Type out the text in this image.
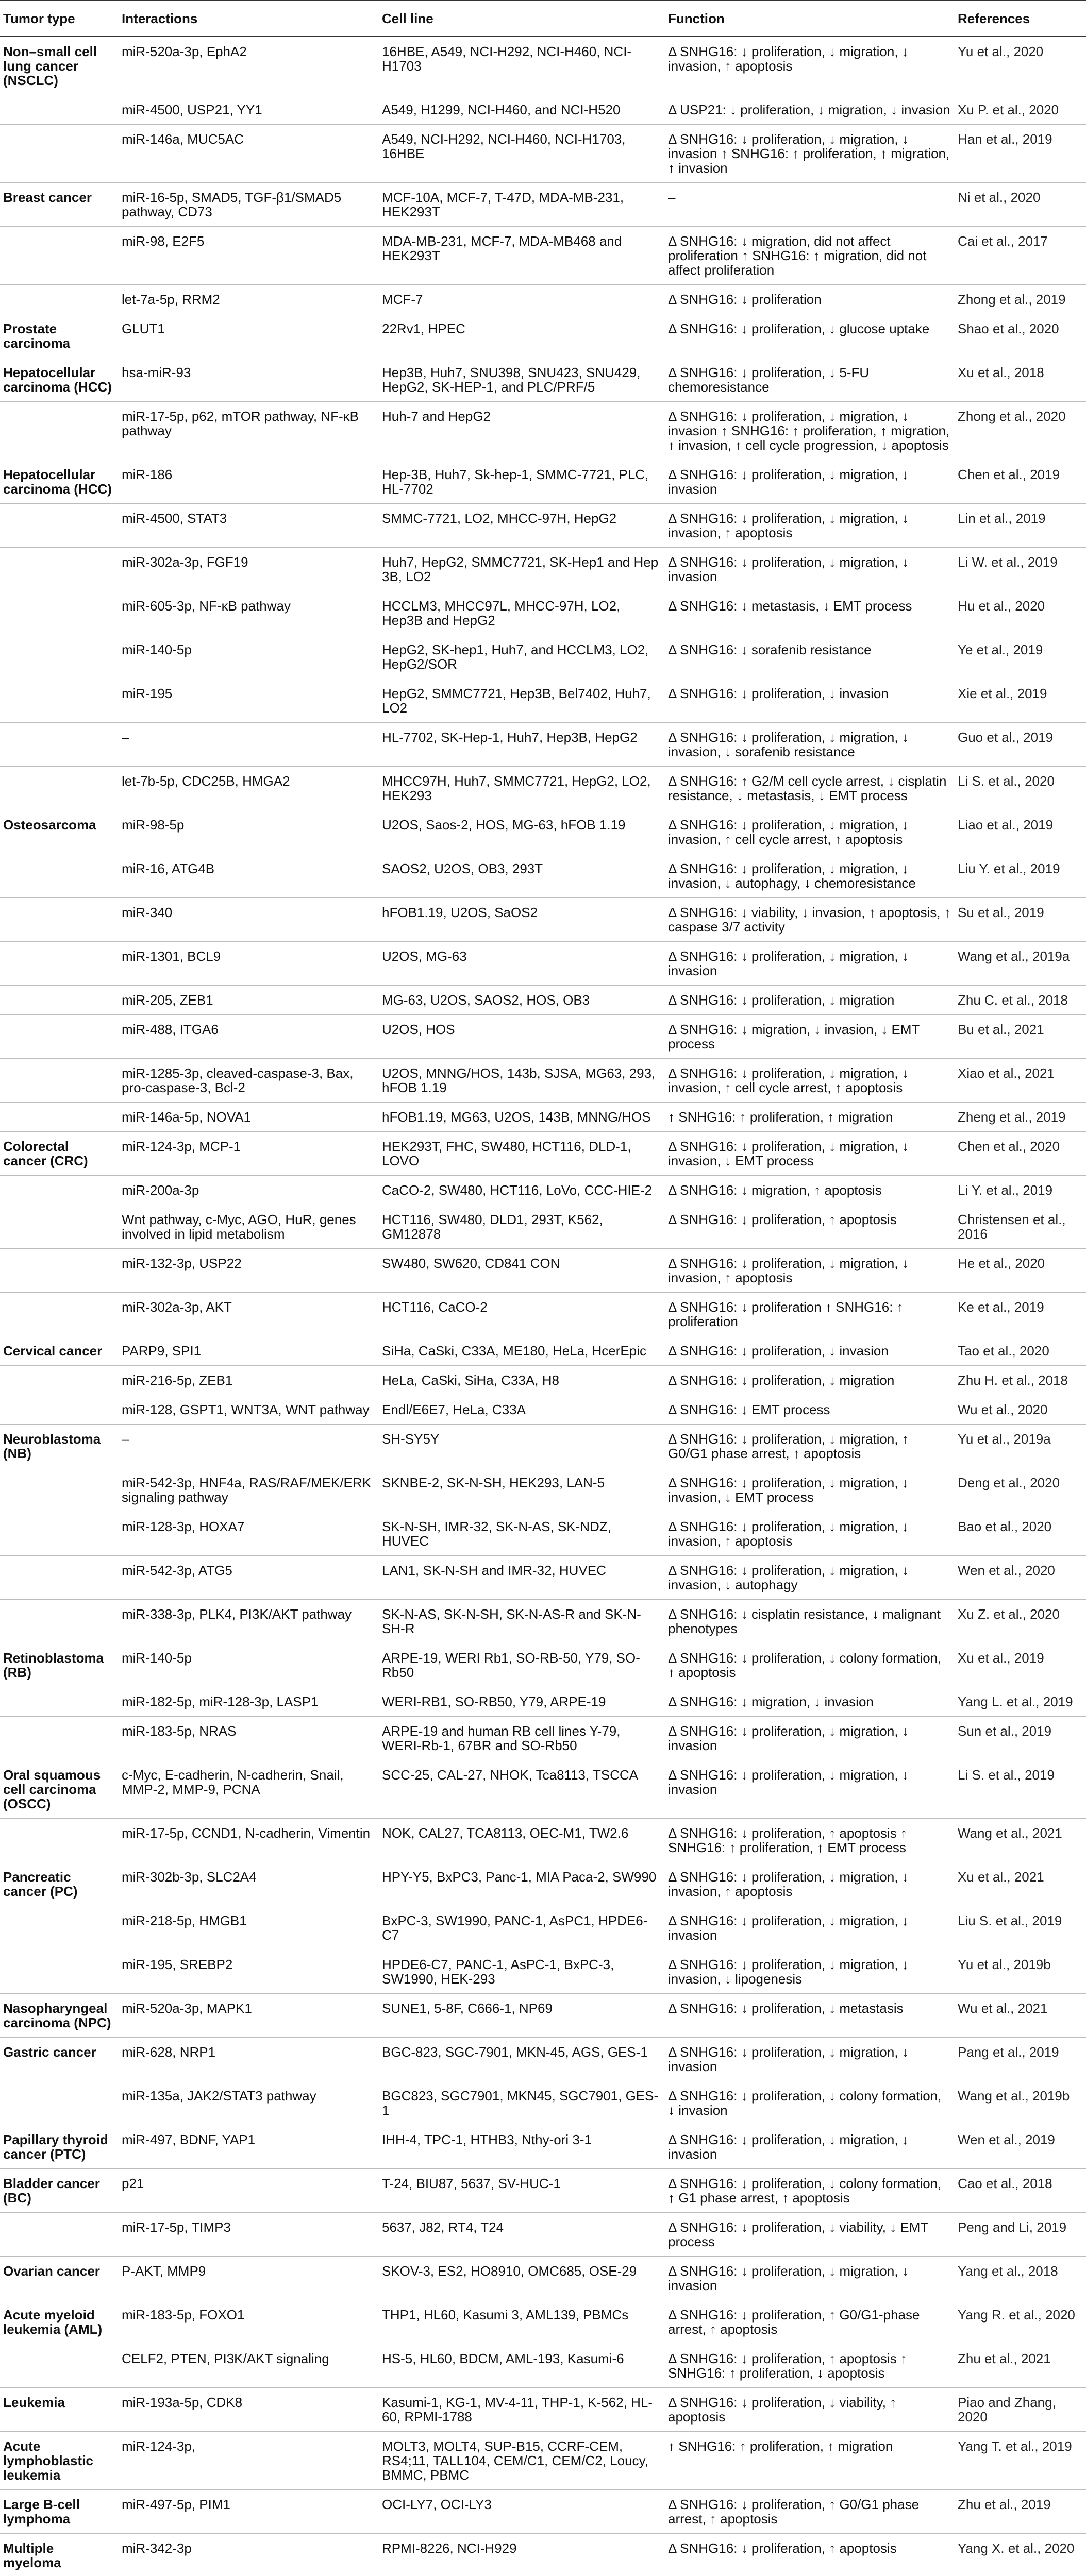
Tumor type	Interactions	Cell line	Function	References
Non–small cell lung cancer (NSCLC)	miR-520a-3p, EphA2	16HBE, A549, NCI-H292, NCI-H460, NCI-H1703	Δ SNHG16: ↓ proliferation, ↓ migration, ↓ invasion, ↑ apoptosis	Yu et al., 2020
	miR-4500, USP21, YY1	A549, H1299, NCI-H460, and NCI-H520	Δ USP21: ↓ proliferation, ↓ migration, ↓ invasion	Xu P. et al., 2020
	miR-146a, MUC5AC	A549, NCI-H292, NCI-H460, NCI-H1703, 16HBE	Δ SNHG16: ↓ proliferation, ↓ migration, ↓ invasion ↑ SNHG16: ↑ proliferation, ↑ migration, ↑ invasion	Han et al., 2019
Breast cancer	miR-16-5p, SMAD5, TGF-β1/SMAD5 pathway, CD73	MCF-10A, MCF-7, T-47D, MDA-MB-231, HEK293T	–	Ni et al., 2020
	miR-98, E2F5	MDA-MB-231, MCF-7, MDA-MB468 and HEK293T	Δ SNHG16: ↓ migration, did not affect proliferation ↑ SNHG16: ↑ migration, did not affect proliferation	Cai et al., 2017
	let-7a-5p, RRM2	MCF-7	Δ SNHG16: ↓ proliferation	Zhong et al., 2019
Prostate carcinoma	GLUT1	22Rv1, HPEC	Δ SNHG16: ↓ proliferation, ↓ glucose uptake	Shao et al., 2020
Hepatocellular carcinoma (HCC)	hsa-miR-93	Hep3B, Huh7, SNU398, SNU423, SNU429, HepG2, SK-HEP-1, and PLC/PRF/5	Δ SNHG16: ↓ proliferation, ↓ 5-FU chemoresistance	Xu et al., 2018
	miR-17-5p, p62, mTOR pathway, NF-κB pathway	Huh-7 and HepG2	Δ SNHG16: ↓ proliferation, ↓ migration, ↓ invasion ↑ SNHG16: ↑ proliferation, ↑ migration, ↑ invasion, ↑ cell cycle progression, ↓ apoptosis	Zhong et al., 2020
Hepatocellular carcinoma (HCC)	miR-186	Hep-3B, Huh7, Sk-hep-1, SMMC-7721, PLC, HL-7702	Δ SNHG16: ↓ proliferation, ↓ migration, ↓ invasion	Chen et al., 2019
	miR-4500, STAT3	SMMC-7721, LO2, MHCC-97H, HepG2	Δ SNHG16: ↓ proliferation, ↓ migration, ↓ invasion, ↑ apoptosis	Lin et al., 2019
	miR-302a-3p, FGF19	Huh7, HepG2, SMMC7721, SK-Hep1 and Hep 3B, LO2	Δ SNHG16: ↓ proliferation, ↓ migration, ↓ invasion	Li W. et al., 2019
	miR-605-3p, NF-κB pathway	HCCLM3, MHCC97L, MHCC-97H, LO2, Hep3B and HepG2	Δ SNHG16: ↓ metastasis, ↓ EMT process	Hu et al., 2020
	miR-140-5p	HepG2, SK-hep1, Huh7, and HCCLM3, LO2, HepG2/SOR	Δ SNHG16: ↓ sorafenib resistance	Ye et al., 2019
	miR-195	HepG2, SMMC7721, Hep3B, Bel7402, Huh7, LO2	Δ SNHG16: ↓ proliferation, ↓ invasion	Xie et al., 2019
	–	HL-7702, SK-Hep-1, Huh7, Hep3B, HepG2	Δ SNHG16: ↓ proliferation, ↓ migration, ↓ invasion, ↓ sorafenib resistance	Guo et al., 2019
	let-7b-5p, CDC25B, HMGA2	MHCC97H, Huh7, SMMC7721, HepG2, LO2, HEK293	Δ SNHG16: ↑ G2/M cell cycle arrest, ↓ cisplatin resistance, ↓ metastasis, ↓ EMT process	Li S. et al., 2020
Osteosarcoma	miR-98-5p	U2OS, Saos-2, HOS, MG-63, hFOB 1.19	Δ SNHG16: ↓ proliferation, ↓ migration, ↓ invasion, ↑ cell cycle arrest, ↑ apoptosis	Liao et al., 2019
	miR-16, ATG4B	SAOS2, U2OS, OB3, 293T	Δ SNHG16: ↓ proliferation, ↓ migration, ↓ invasion, ↓ autophagy, ↓ chemoresistance	Liu Y. et al., 2019
	miR-340	hFOB1.19, U2OS, SaOS2	Δ SNHG16: ↓ viability, ↓ invasion, ↑ apoptosis, ↑ caspase 3/7 activity	Su et al., 2019
	miR-1301, BCL9	U2OS, MG-63	Δ SNHG16: ↓ proliferation, ↓ migration, ↓ invasion	Wang et al., 2019a
	miR-205, ZEB1	MG-63, U2OS, SAOS2, HOS, OB3	Δ SNHG16: ↓ proliferation, ↓ migration	Zhu C. et al., 2018
	miR-488, ITGA6	U2OS, HOS	Δ SNHG16: ↓ migration, ↓ invasion, ↓ EMT process	Bu et al., 2021
	miR-1285-3p, cleaved-caspase-3, Bax, pro-caspase-3, Bcl-2	U2OS, MNNG/HOS, 143b, SJSA, MG63, 293, hFOB 1.19	Δ SNHG16: ↓ proliferation, ↓ migration, ↓ invasion, ↑ cell cycle arrest, ↑ apoptosis	Xiao et al., 2021
	miR-146a-5p, NOVA1	hFOB1.19, MG63, U2OS, 143B, MNNG/HOS	↑ SNHG16: ↑ proliferation, ↑ migration	Zheng et al., 2019
Colorectal cancer (CRC)	miR-124-3p, MCP-1	HEK293T, FHC, SW480, HCT116, DLD-1, LOVO	Δ SNHG16: ↓ proliferation, ↓ migration, ↓ invasion, ↓ EMT process	Chen et al., 2020
	miR-200a-3p	CaCO-2, SW480, HCT116, LoVo, CCC-HIE-2	Δ SNHG16: ↓ migration, ↑ apoptosis	Li Y. et al., 2019
	Wnt pathway, c-Myc, AGO, HuR, genes involved in lipid metabolism	HCT116, SW480, DLD1, 293T, K562, GM12878	Δ SNHG16: ↓ proliferation, ↑ apoptosis	Christensen et al., 2016
	miR-132-3p, USP22	SW480, SW620, CD841 CON	Δ SNHG16: ↓ proliferation, ↓ migration, ↓ invasion, ↑ apoptosis	He et al., 2020
	miR-302a-3p, AKT	HCT116, CaCO-2	Δ SNHG16: ↓ proliferation ↑ SNHG16: ↑ proliferation	Ke et al., 2019
Cervical cancer	PARP9, SPI1	SiHa, CaSki, C33A, ME180, HeLa, HcerEpic	Δ SNHG16: ↓ proliferation, ↓ invasion	Tao et al., 2020
	miR-216-5p, ZEB1	HeLa, CaSki, SiHa, C33A, H8	Δ SNHG16: ↓ proliferation, ↓ migration	Zhu H. et al., 2018
	miR-128, GSPT1, WNT3A, WNT pathway	Endl/E6E7, HeLa, C33A	Δ SNHG16: ↓ EMT process	Wu et al., 2020
Neuroblastoma (NB)	–	SH-SY5Y	Δ SNHG16: ↓ proliferation, ↓ migration, ↑ G0/G1 phase arrest, ↑ apoptosis	Yu et al., 2019a
	miR-542-3p, HNF4a, RAS/RAF/MEK/ERK signaling pathway	SKNBE-2, SK-N-SH, HEK293, LAN-5	Δ SNHG16: ↓ proliferation, ↓ migration, ↓ invasion, ↓ EMT process	Deng et al., 2020
	miR-128-3p, HOXA7	SK-N-SH, IMR-32, SK-N-AS, SK-NDZ, HUVEC	Δ SNHG16: ↓ proliferation, ↓ migration, ↓ invasion, ↑ apoptosis	Bao et al., 2020
	miR-542-3p, ATG5	LAN1, SK-N-SH and IMR-32, HUVEC	Δ SNHG16: ↓ proliferation, ↓ migration, ↓ invasion, ↓ autophagy	Wen et al., 2020
	miR-338-3p, PLK4, PI3K/AKT pathway	SK-N-AS, SK-N-SH, SK-N-AS-R and SK-N-SH-R	Δ SNHG16: ↓ cisplatin resistance, ↓ malignant phenotypes	Xu Z. et al., 2020
Retinoblastoma (RB)	miR-140-5p	ARPE-19, WERI Rb1, SO-RB-50, Y79, SO-Rb50	Δ SNHG16: ↓ proliferation, ↓ colony formation, ↑ apoptosis	Xu et al., 2019
	miR-182-5p, miR-128-3p, LASP1	WERI-RB1, SO-RB50, Y79, ARPE-19	Δ SNHG16: ↓ migration, ↓ invasion	Yang L. et al., 2019
	miR-183-5p, NRAS	ARPE-19 and human RB cell lines Y-79, WERI-Rb-1, 67BR and SO-Rb50	Δ SNHG16: ↓ proliferation, ↓ migration, ↓ invasion	Sun et al., 2019
Oral squamous cell carcinoma (OSCC)	c-Myc, E-cadherin, N-cadherin, Snail, MMP-2, MMP-9, PCNA	SCC-25, CAL-27, NHOK, Tca8113, TSCCA	Δ SNHG16: ↓ proliferation, ↓ migration, ↓ invasion	Li S. et al., 2019
	miR-17-5p, CCND1, N-cadherin, Vimentin	NOK, CAL27, TCA8113, OEC-M1, TW2.6	Δ SNHG16: ↓ proliferation, ↑ apoptosis ↑ SNHG16: ↑ proliferation, ↑ EMT process	Wang et al., 2021
Pancreatic cancer (PC)	miR-302b-3p, SLC2A4	HPY-Y5, BxPC3, Panc-1, MIA Paca-2, SW990	Δ SNHG16: ↓ proliferation, ↓ migration, ↓ invasion, ↑ apoptosis	Xu et al., 2021
	miR-218-5p, HMGB1	BxPC-3, SW1990, PANC-1, AsPC1, HPDE6-C7	Δ SNHG16: ↓ proliferation, ↓ migration, ↓ invasion	Liu S. et al., 2019
	miR-195, SREBP2	HPDE6-C7, PANC-1, AsPC-1, BxPC-3, SW1990, HEK-293	Δ SNHG16: ↓ proliferation, ↓ migration, ↓ invasion, ↓ lipogenesis	Yu et al., 2019b
Nasopharyngeal carcinoma (NPC)	miR-520a-3p, MAPK1	SUNE1, 5-8F, C666-1, NP69	Δ SNHG16: ↓ proliferation, ↓ metastasis	Wu et al., 2021
Gastric cancer	miR-628, NRP1	BGC-823, SGC-7901, MKN-45, AGS, GES-1	Δ SNHG16: ↓ proliferation, ↓ migration, ↓ invasion	Pang et al., 2019
	miR-135a, JAK2/STAT3 pathway	BGC823, SGC7901, MKN45, SGC7901, GES-1	Δ SNHG16: ↓ proliferation, ↓ colony formation, ↓ invasion	Wang et al., 2019b
Papillary thyroid cancer (PTC)	miR-497, BDNF, YAP1	IHH-4, TPC-1, HTHB3, Nthy-ori 3-1	Δ SNHG16: ↓ proliferation, ↓ migration, ↓ invasion	Wen et al., 2019
Bladder cancer (BC)	p21	T-24, BIU87, 5637, SV-HUC-1	Δ SNHG16: ↓ proliferation, ↓ colony formation, ↑ G1 phase arrest, ↑ apoptosis	Cao et al., 2018
	miR-17-5p, TIMP3	5637, J82, RT4, T24	Δ SNHG16: ↓ proliferation, ↓ viability, ↓ EMT process	Peng and Li, 2019
Ovarian cancer	P-AKT, MMP9	SKOV-3, ES2, HO8910, OMC685, OSE-29	Δ SNHG16: ↓ proliferation, ↓ migration, ↓ invasion	Yang et al., 2018
Acute myeloid leukemia (AML)	miR-183-5p, FOXO1	THP1, HL60, Kasumi 3, AML139, PBMCs	Δ SNHG16: ↓ proliferation, ↑ G0/G1-phase arrest, ↑ apoptosis	Yang R. et al., 2020
	CELF2, PTEN, PI3K/AKT signaling	HS-5, HL60, BDCM, AML-193, Kasumi-6	Δ SNHG16: ↓ proliferation, ↑ apoptosis ↑ SNHG16: ↑ proliferation, ↓ apoptosis	Zhu et al., 2021
Leukemia	miR-193a-5p, CDK8	Kasumi-1, KG-1, MV-4-11, THP-1, K-562, HL-60, RPMI-1788	Δ SNHG16: ↓ proliferation, ↓ viability, ↑ apoptosis	Piao and Zhang, 2020
Acute lymphoblastic leukemia	miR-124-3p,	MOLT3, MOLT4, SUP-B15, CCRF-CEM, RS4;11, TALL104, CEM/C1, CEM/C2, Loucy, BMMC, PBMC	↑ SNHG16: ↑ proliferation, ↑ migration	Yang T. et al., 2019
Large B-cell lymphoma	miR-497-5p, PIM1	OCI-LY7, OCI-LY3	Δ SNHG16: ↓ proliferation, ↑ G0/G1 phase arrest, ↑ apoptosis	Zhu et al., 2019
Multiple myeloma	miR-342-3p	RPMI-8226, NCI-H929	Δ SNHG16: ↓ proliferation, ↑ apoptosis	Yang X. et al., 2020
